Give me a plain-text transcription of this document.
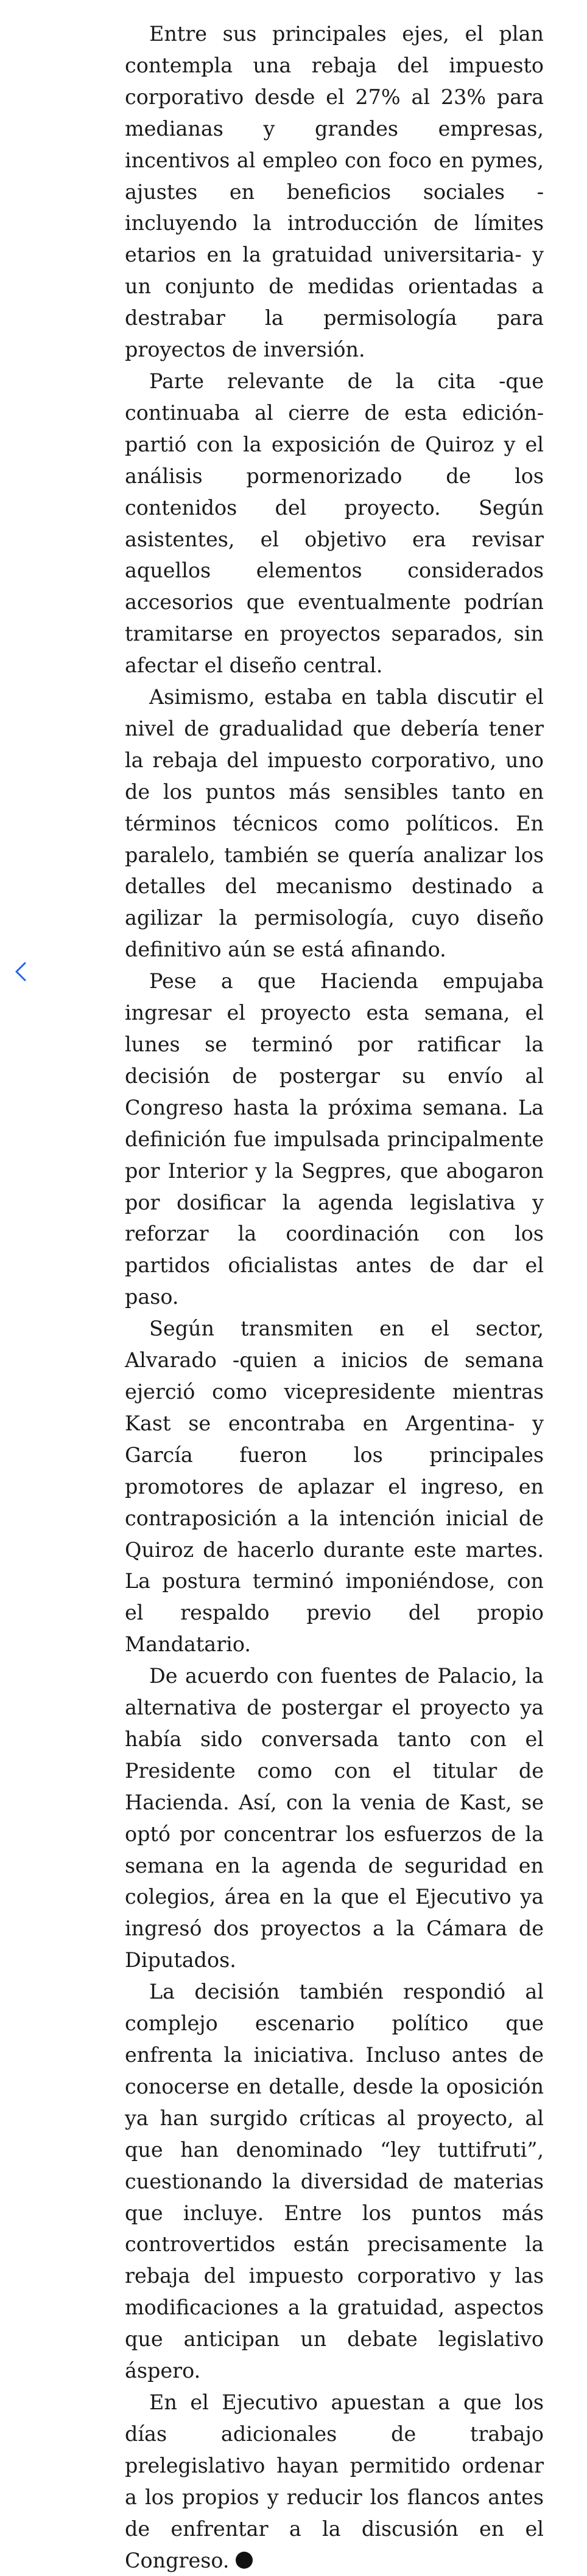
Entre sus principales ejes, el plan contempla una rebaja del impuesto corporativo desde el 27% al 23% para medianas y grandes empresas, incentivos al empleo con foco en pymes, ajustes en beneficios sociales -incluyendo la introducción de límites etarios en la gratuidad universitaria- y un conjunto de medidas orientadas a destrabar la permisología para proyectos de inversión.

Parte relevante de la cita -que continuaba al cierre de esta edición- partió con la exposición de Quiroz y el análisis pormenorizado de los contenidos del proyecto. Según asistentes, el objetivo era revisar aquellos elementos considerados accesorios que eventualmente podrían tramitarse en proyectos separados, sin afectar el diseño central.

Asimismo, estaba en tabla discutir el nivel de gradualidad que debería tener la rebaja del impuesto corporativo, uno de los puntos más sensibles tanto en términos técnicos como políticos. En paralelo, también se quería analizar los detalles del mecanismo destinado a agilizar la permisología, cuyo diseño definitivo aún se está afinando.

Pese a que Hacienda empujaba ingresar el proyecto esta semana, el lunes se terminó por ratificar la decisión de postergar su envío al Congreso hasta la próxima semana. La definición fue impulsada principalmente por Interior y la Segpres, que abogaron por dosificar la agenda legislativa y reforzar la coordinación con los partidos oficialistas antes de dar el paso.

Según transmiten en el sector, Alvarado -quien a inicios de semana ejerció como vicepresidente mientras Kast se encontraba en Argentina- y García fueron los principales promotores de aplazar el ingreso, en contraposición a la intención inicial de Quiroz de hacerlo durante este martes. La postura terminó imponiéndose, con el respaldo previo del propio Mandatario.

De acuerdo con fuentes de Palacio, la alternativa de postergar el proyecto ya había sido conversada tanto con el Presidente como con el titular de Hacienda. Así, con la venia de Kast, se optó por concentrar los esfuerzos de la semana en la agenda de seguridad en colegios, área en la que el Ejecutivo ya ingresó dos proyectos a la Cámara de Diputados.

La decisión también respondió al complejo escenario político que enfrenta la iniciativa. Incluso antes de conocerse en detalle, desde la oposición ya han surgido críticas al proyecto, al que han denominado “ley tuttifruti”, cuestionando la diversidad de materias que incluye. Entre los puntos más controvertidos están precisamente la rebaja del impuesto corporativo y las modificaciones a la gratuidad, aspectos que anticipan un debate legislativo áspero.

En el Ejecutivo apuestan a que los días adicionales de trabajo prelegislativo hayan permitido ordenar a los propios y reducir los flancos antes de enfrentar a la discusión en el Congreso.
